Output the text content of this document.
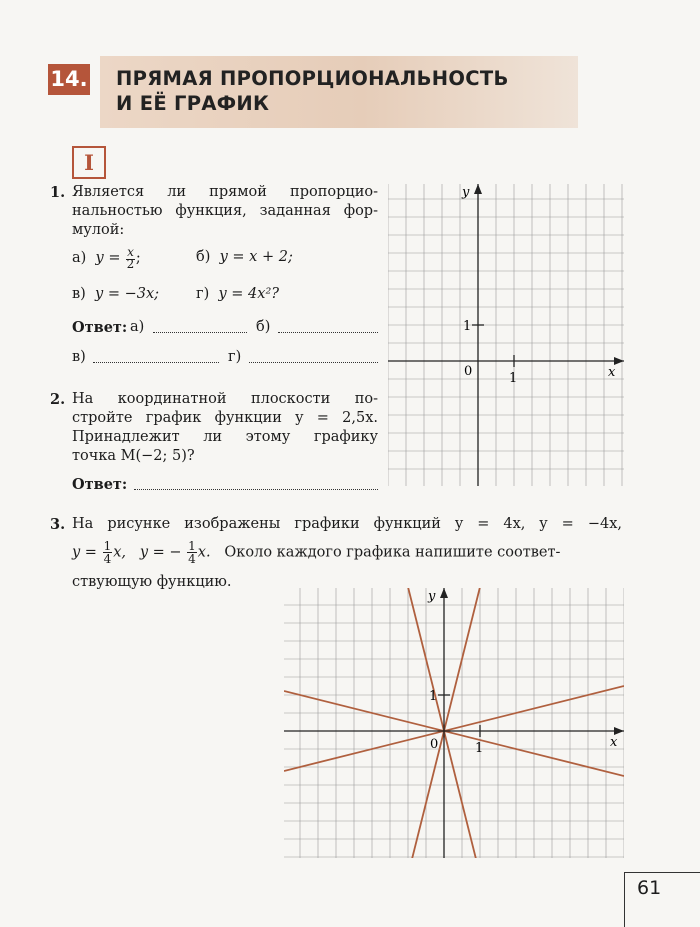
14. ПРЯМАЯ ПРОПОРЦИОНАЛЬНОСТЬ
И ЕЁ ГРАФИК
I
1. Является ли прямой пропорцио-
нальностью функция, заданная фор-
мулой:
а) $y = \frac{x}{2}$ ;	б) y = x + 2;
в) y = −3x;	г) y = 4x²?
Ответ: а)	б)
в)	г)
2. На координатной плоскости по-
стройте график функции y = 2,5x.
Принадлежит ли этому графику
точка M(−2; 5)?
Ответ:
y
x
0	1
1
3. На рисунке изображены графики функций y = 4x, y = −4x,
$y = \frac{1}{4} x$, y = − $\frac{1}{4} x$. Около каждого графика напишите соответ-
ствующую функцию.
y
x
0	1
1
61
